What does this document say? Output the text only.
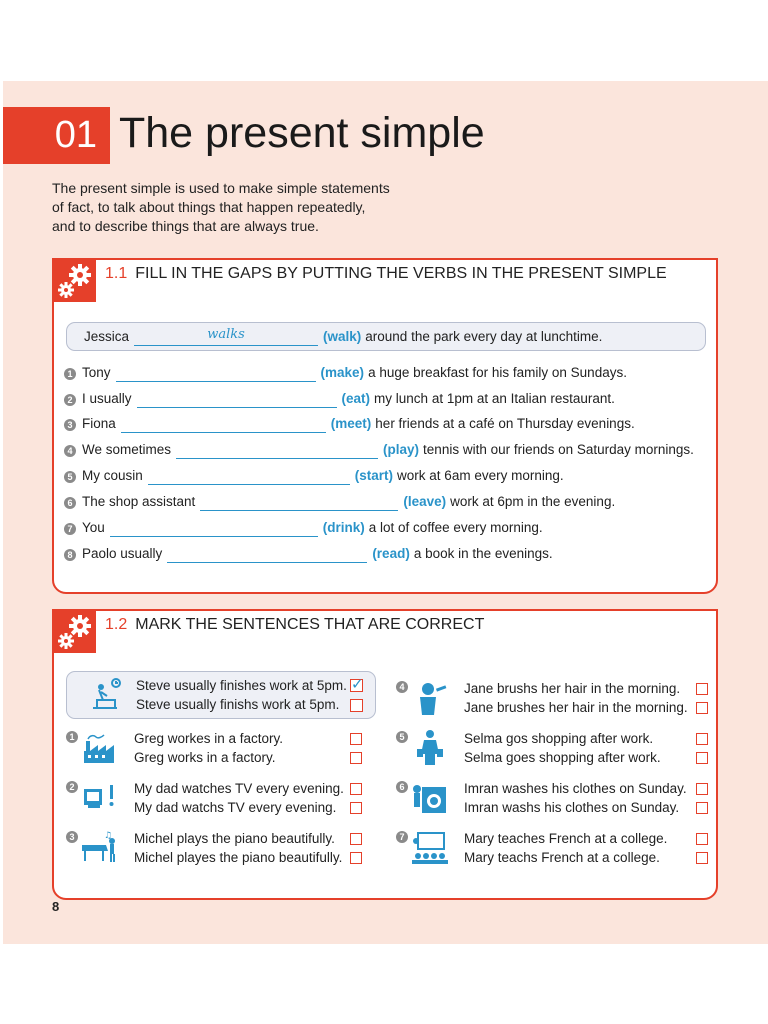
01 The present simple
The present simple is used to make simple statements
of fact, to talk about things that happen repeatedly,
and to describe things that are always true.
1.1 FILL IN THE GAPS BY PUTTING THE VERBS IN THE PRESENT SIMPLE
Jessica	walks	(walk) around the park every day at lunchtime.
1 Tony	(make) a huge breakfast for his family on Sundays.
2 I usually	(eat) my lunch at 1pm at an Italian restaurant.
3 Fiona	(meet) her friends at a café on Thursday evenings.
4 We sometimes	(play) tennis with our friends on Saturday mornings.
5 My cousin	(start) work at 6am every morning.
6 The shop assistant	(leave) work at 6pm in the evening.
7 You	(drink) a lot of coffee every morning.
8 Paolo usually	(read) a book in the evenings.
1.2 MARK THE SENTENCES THAT ARE CORRECT
Steve usually finishes work at 5pm.
Steve usually finishs work at 5pm.
✓
1	Greg workes in a factory.
Greg works in a factory.
2	My dad watches TV every evening.
My dad watchs TV every evening.
3	♫ Michel plays the piano beautifully.
Michel playes the piano beautifully.
4	Jane brushs her hair in the morning.
Jane brushes her hair in the morning.
5	Selma gos shopping after work.
Selma goes shopping after work.
6	Imran washes his clothes on Sunday.
Imran washs his clothes on Sunday.
7	Mary teaches French at a college.
Mary teachs French at a college.
8
